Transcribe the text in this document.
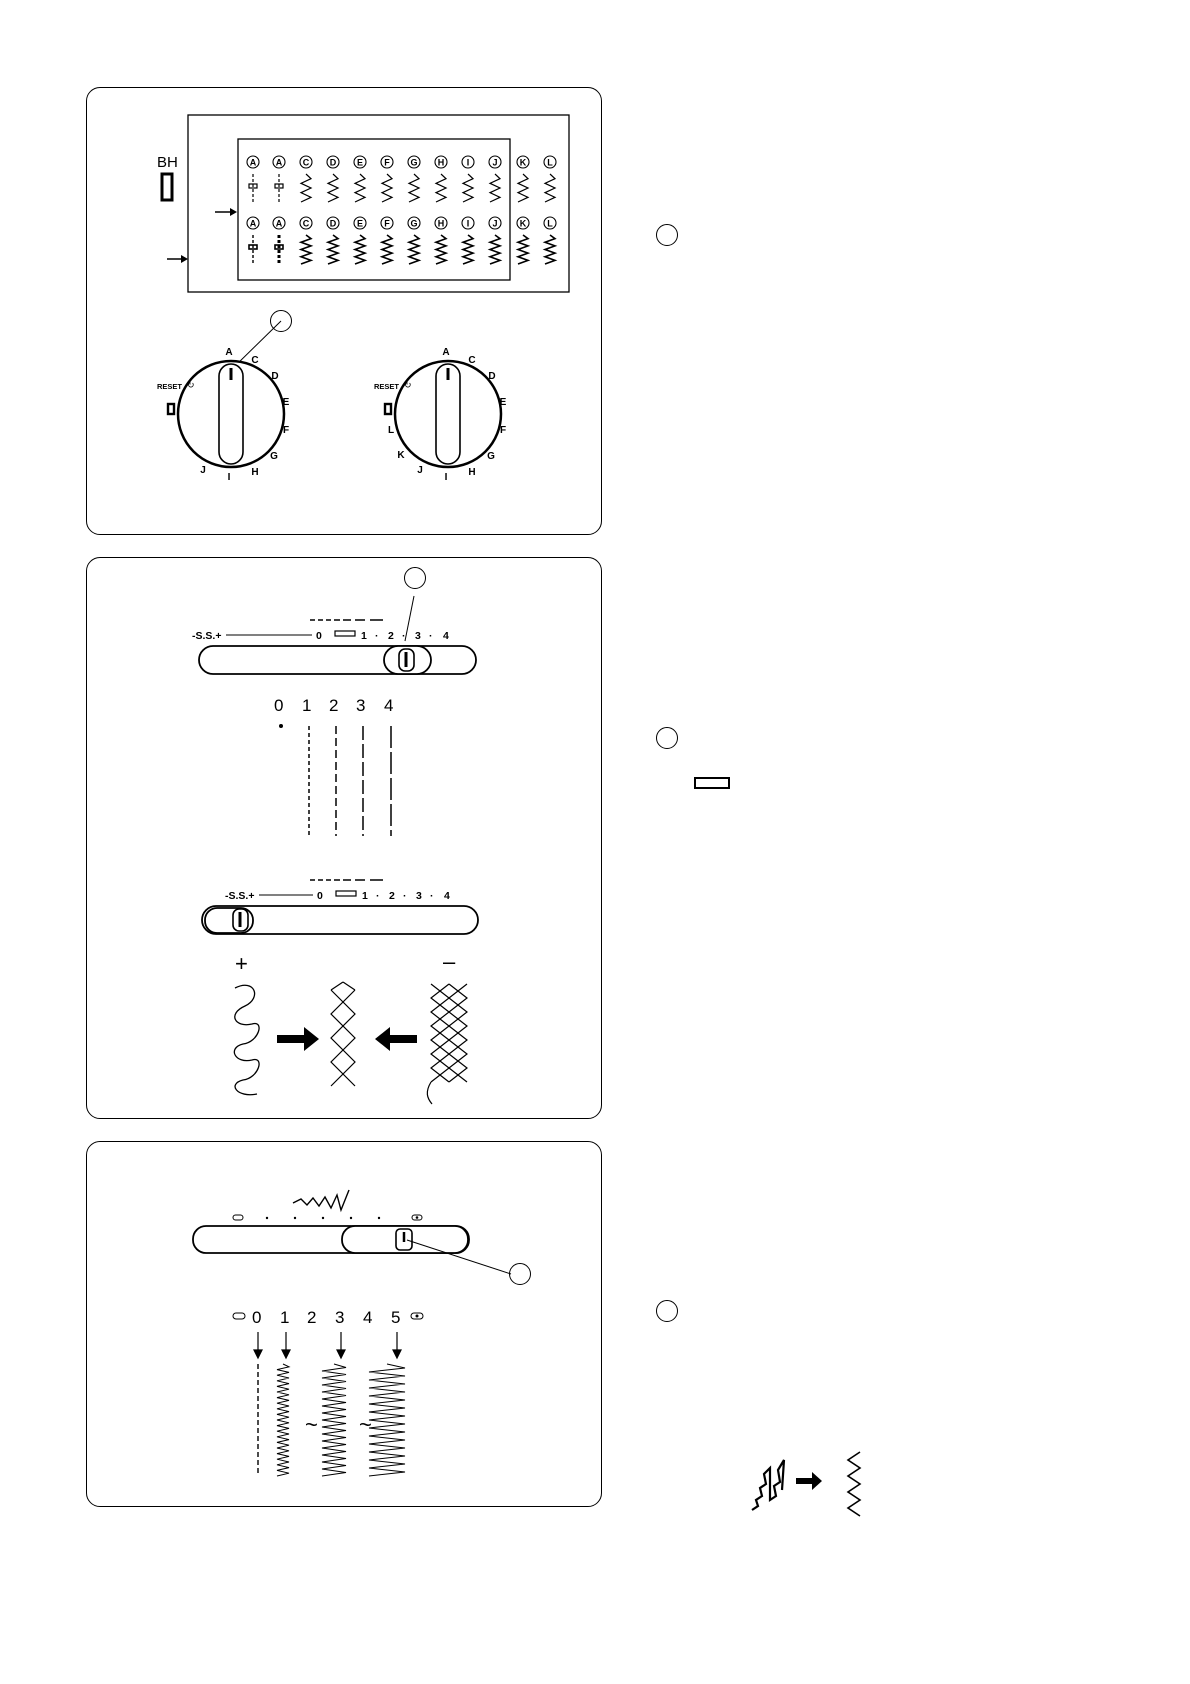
BH	A A C D E F G H I	J K L
A A C D E F G H I	J K L
RESET ↻
A
C
D
E
F
G
H
I
J
RESET ↻
A
C
D
E
F
G
H
I
J
K
L
-S.S.+	0	1 · 2 · 3 · 4
0 1 2 3 4
-S.S.+	0	1 · 2 · 3 · 4
+	–
0 1 2 3 4 5
~ ~
